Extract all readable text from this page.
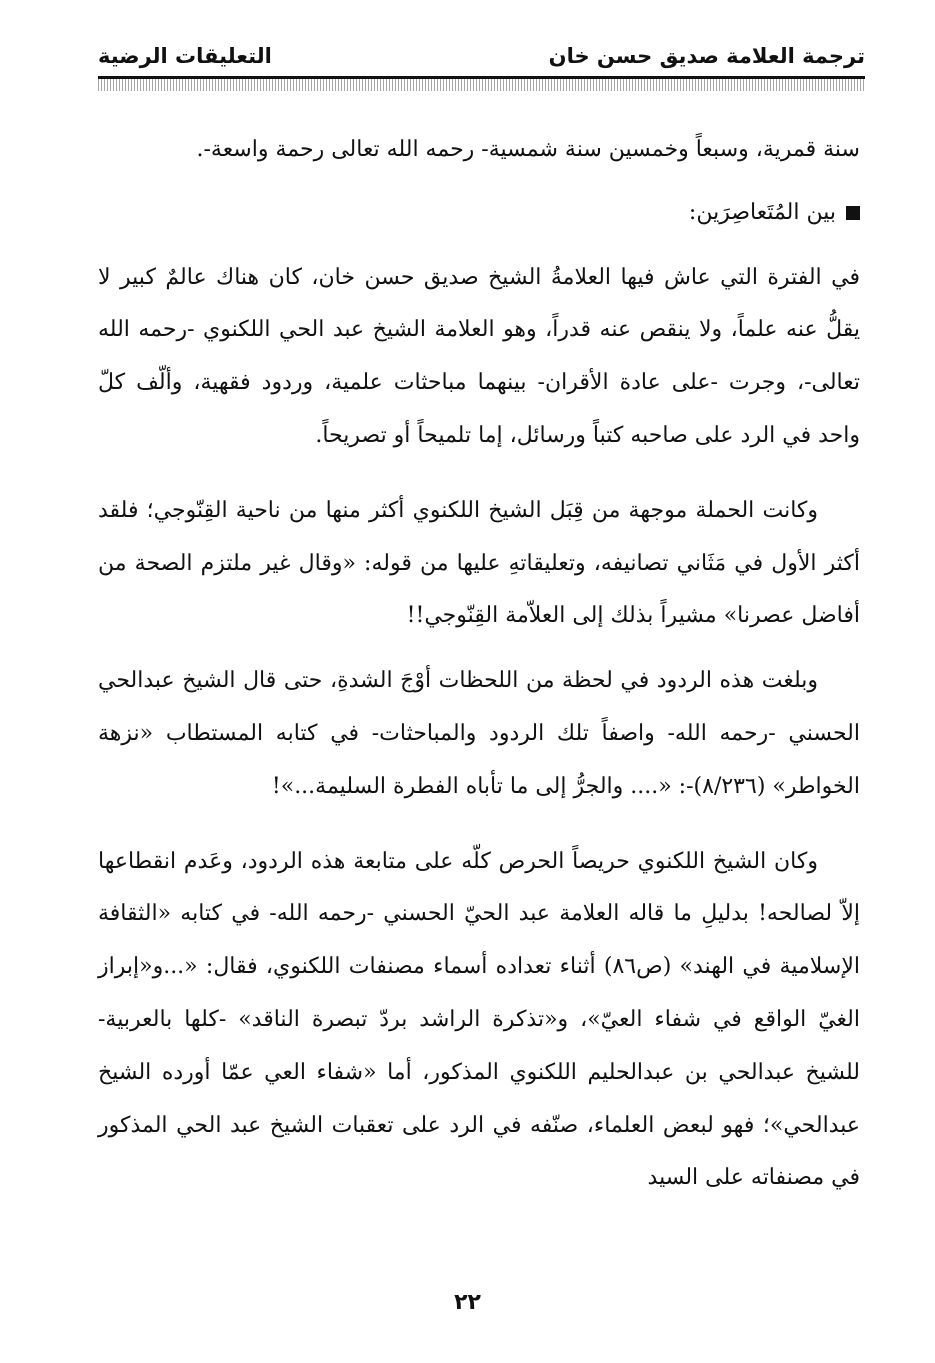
ترجمة العلامة صديق حسن خان
التعليقات الرضية

سنة قمرية، وسبعاً وخمسين سنة شمسية- رحمه الله تعالى رحمة واسعة-.

بين المُتَعاصِرَين:

في الفترة التي عاش فيها العلامةُ الشيخ صديق حسن خان، كان هناك عالمٌ كبير لا يقلُّ عنه علماً، ولا ينقص عنه قدراً، وهو العلامة الشيخ عبد الحي اللكنوي -رحمه الله تعالى-، وجرت -على عادة الأقران- بينهما مباحثات علمية، وردود فقهية، وألّف كلّ واحد في الرد على صاحبه كتباً ورسائل، إما تلميحاً أو تصريحاً.

وكانت الحملة موجهة من قِبَل الشيخ اللكنوي أكثر منها من ناحية القِنّوجي؛ فلقد أكثر الأول في مَثَاني تصانيفه، وتعليقاتهِ عليها من قوله: «وقال غير ملتزم الصحة من أفاضل عصرنا» مشيراً بذلك إلى العلاّمة القِنّوجي!!

وبلغت هذه الردود في لحظة من اللحظات أوْجَ الشدةِ، حتى قال الشيخ عبدالحي الحسني -رحمه الله- واصفاً تلك الردود والمباحثات- في كتابه المستطاب «نزهة الخواطر» (٨/٢٣٦)-: «.... والجرُّ إلى ما تأباه الفطرة السليمة...»!

وكان الشيخ اللكنوي حريصاً الحرص كلّه على متابعة هذه الردود، وعَدم انقطاعها إلاّ لصالحه! بدليلِ ما قاله العلامة عبد الحيّ الحسني -رحمه الله- في كتابه «الثقافة الإسلامية في الهند» (ص٨٦) أثناء تعداده أسماء مصنفات اللكنوي، فقال: «...و«إبراز الغيّ الواقع في شفاء العيّ»، و«تذكرة الراشد بردّ تبصرة الناقد» -كلها بالعربية- للشيخ عبدالحي بن عبدالحليم اللكنوي المذكور، أما «شفاء العي عمّا أورده الشيخ عبدالحي»؛ فهو لبعض العلماء، صنّفه في الرد على تعقبات الشيخ عبد الحي المذكور في مصنفاته على السيد

٢٢
